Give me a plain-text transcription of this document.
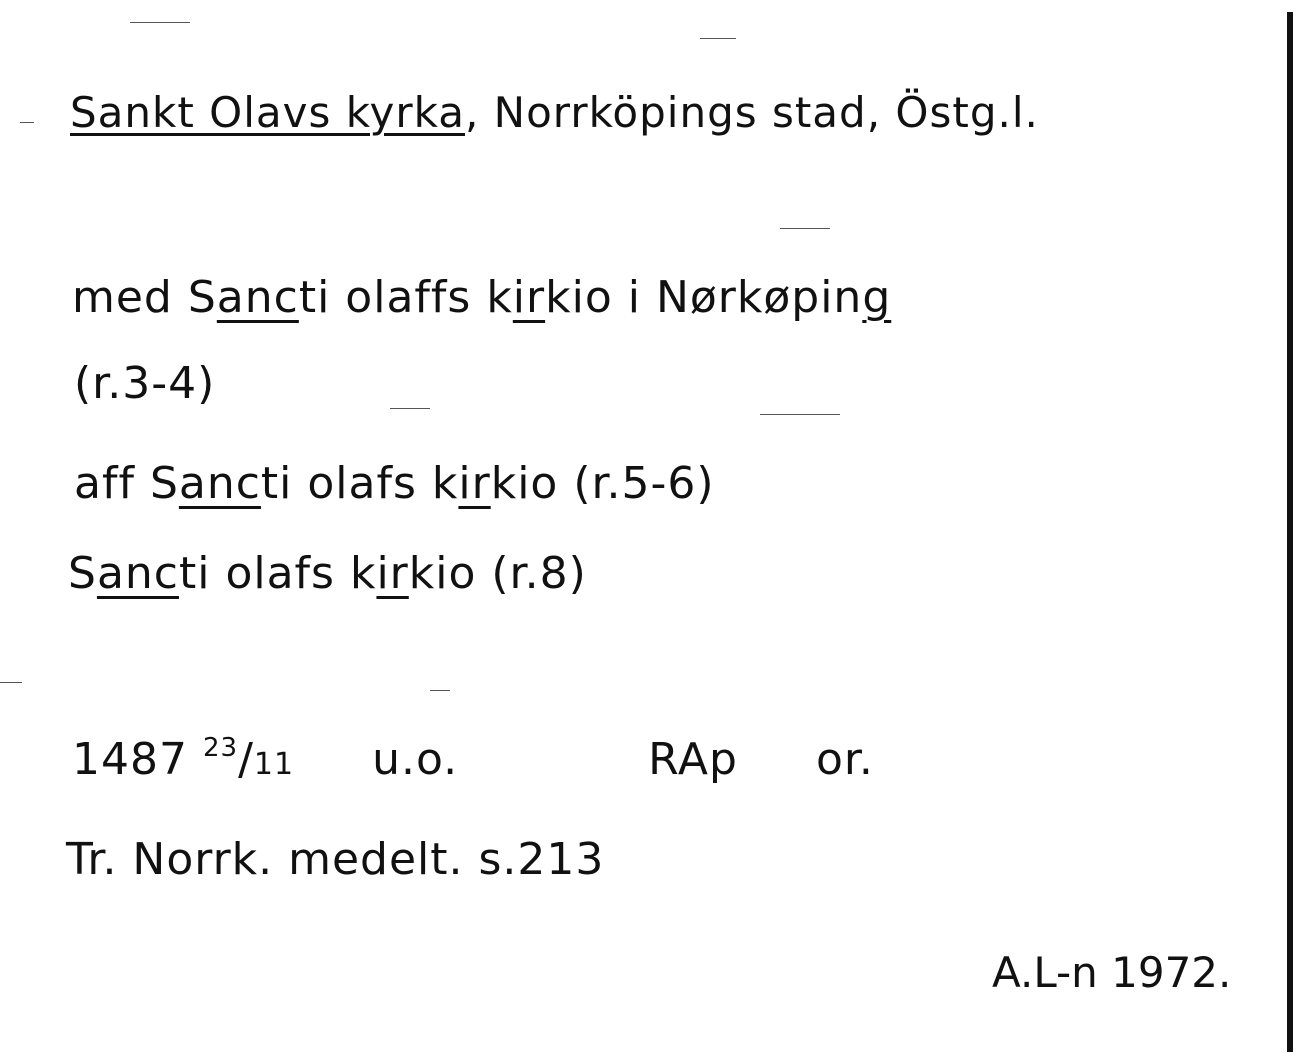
Sankt Olavs kyrka, Norrköpings stad, Östg.l.
med Sancti olaffs kirkio i Nørkøping
(r.3-4)
aff Sancti olafs kirkio (r.5-6)
Sancti olafs kirkio (r.8)
1487 $^{23}$/11 u.o.	RAp or.
Tr. Norrk. medelt. s.213
A.L-n 1972.
